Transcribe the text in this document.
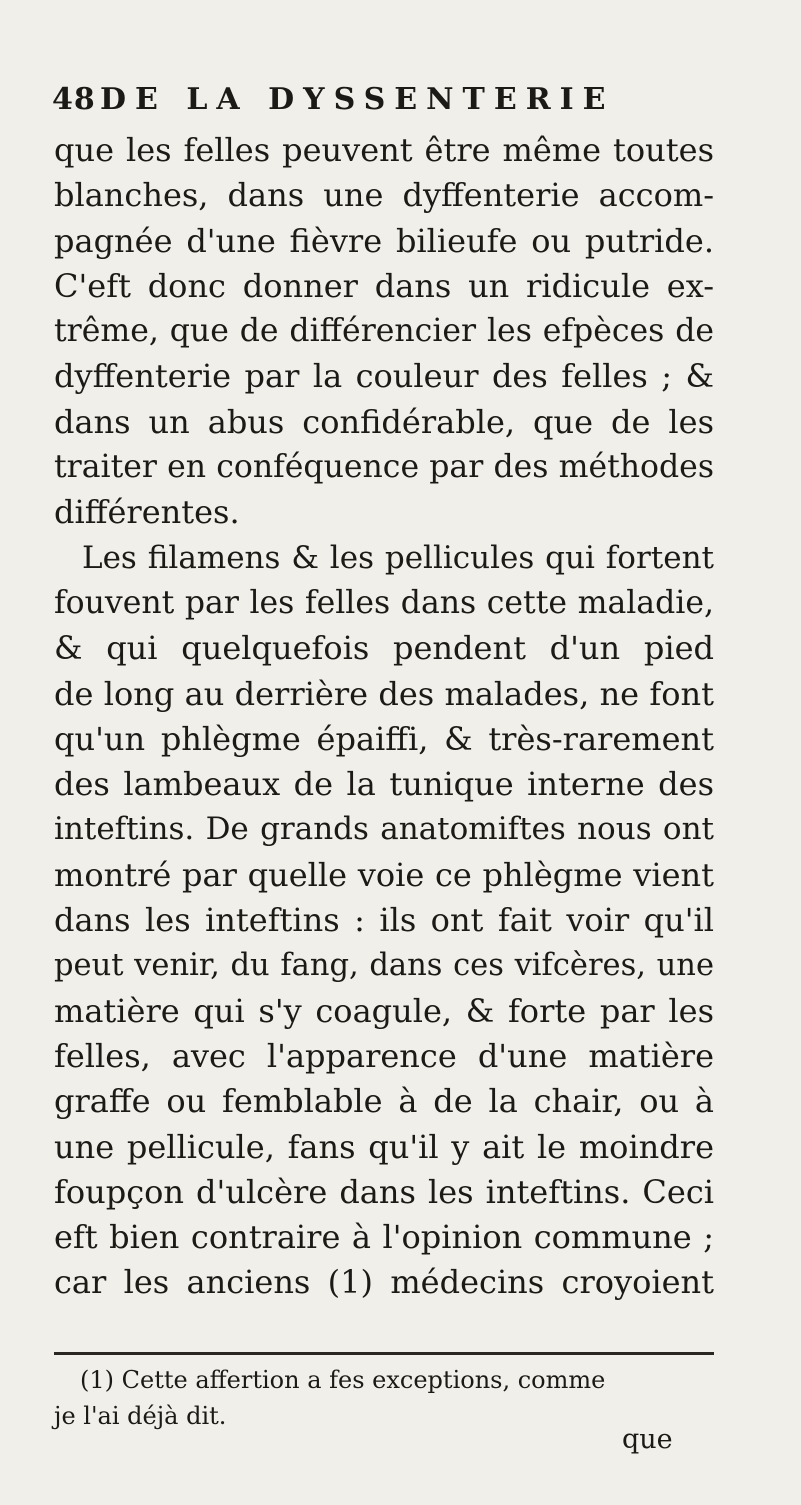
48 DE LA DYSSENTERIE
que les felles peuvent être même toutes
blanches, dans une dyffenterie accom-
pagnée d'une fièvre bilieufe ou putride.
C'eft donc donner dans un ridicule ex-
trême, que de différencier les efpèces de
dyffenterie par la couleur des felles ; &
dans un abus confidérable, que de les
traiter en conféquence par des méthodes
différentes.
Les filamens & les pellicules qui fortent
fouvent par les felles dans cette maladie,
& qui quelquefois pendent d'un pied
de long au derrière des malades, ne font
qu'un phlègme épaiffi, & très-rarement
des lambeaux de la tunique interne des
inteftins. De grands anatomiftes nous ont
montré par quelle voie ce phlègme vient
dans les inteftins : ils ont fait voir qu'il
peut venir, du fang, dans ces vifcères, une
matière qui s'y coagule, & forte par les
felles, avec l'apparence d'une matière
graffe ou femblable à de la chair, ou à
une pellicule, fans qu'il y ait le moindre
foupçon d'ulcère dans les inteftins. Ceci
eft bien contraire à l'opinion commune ;
car les anciens (1) médecins croyoient
(1) Cette affertion a fes exceptions, comme
je l'ai déjà dit.
que
